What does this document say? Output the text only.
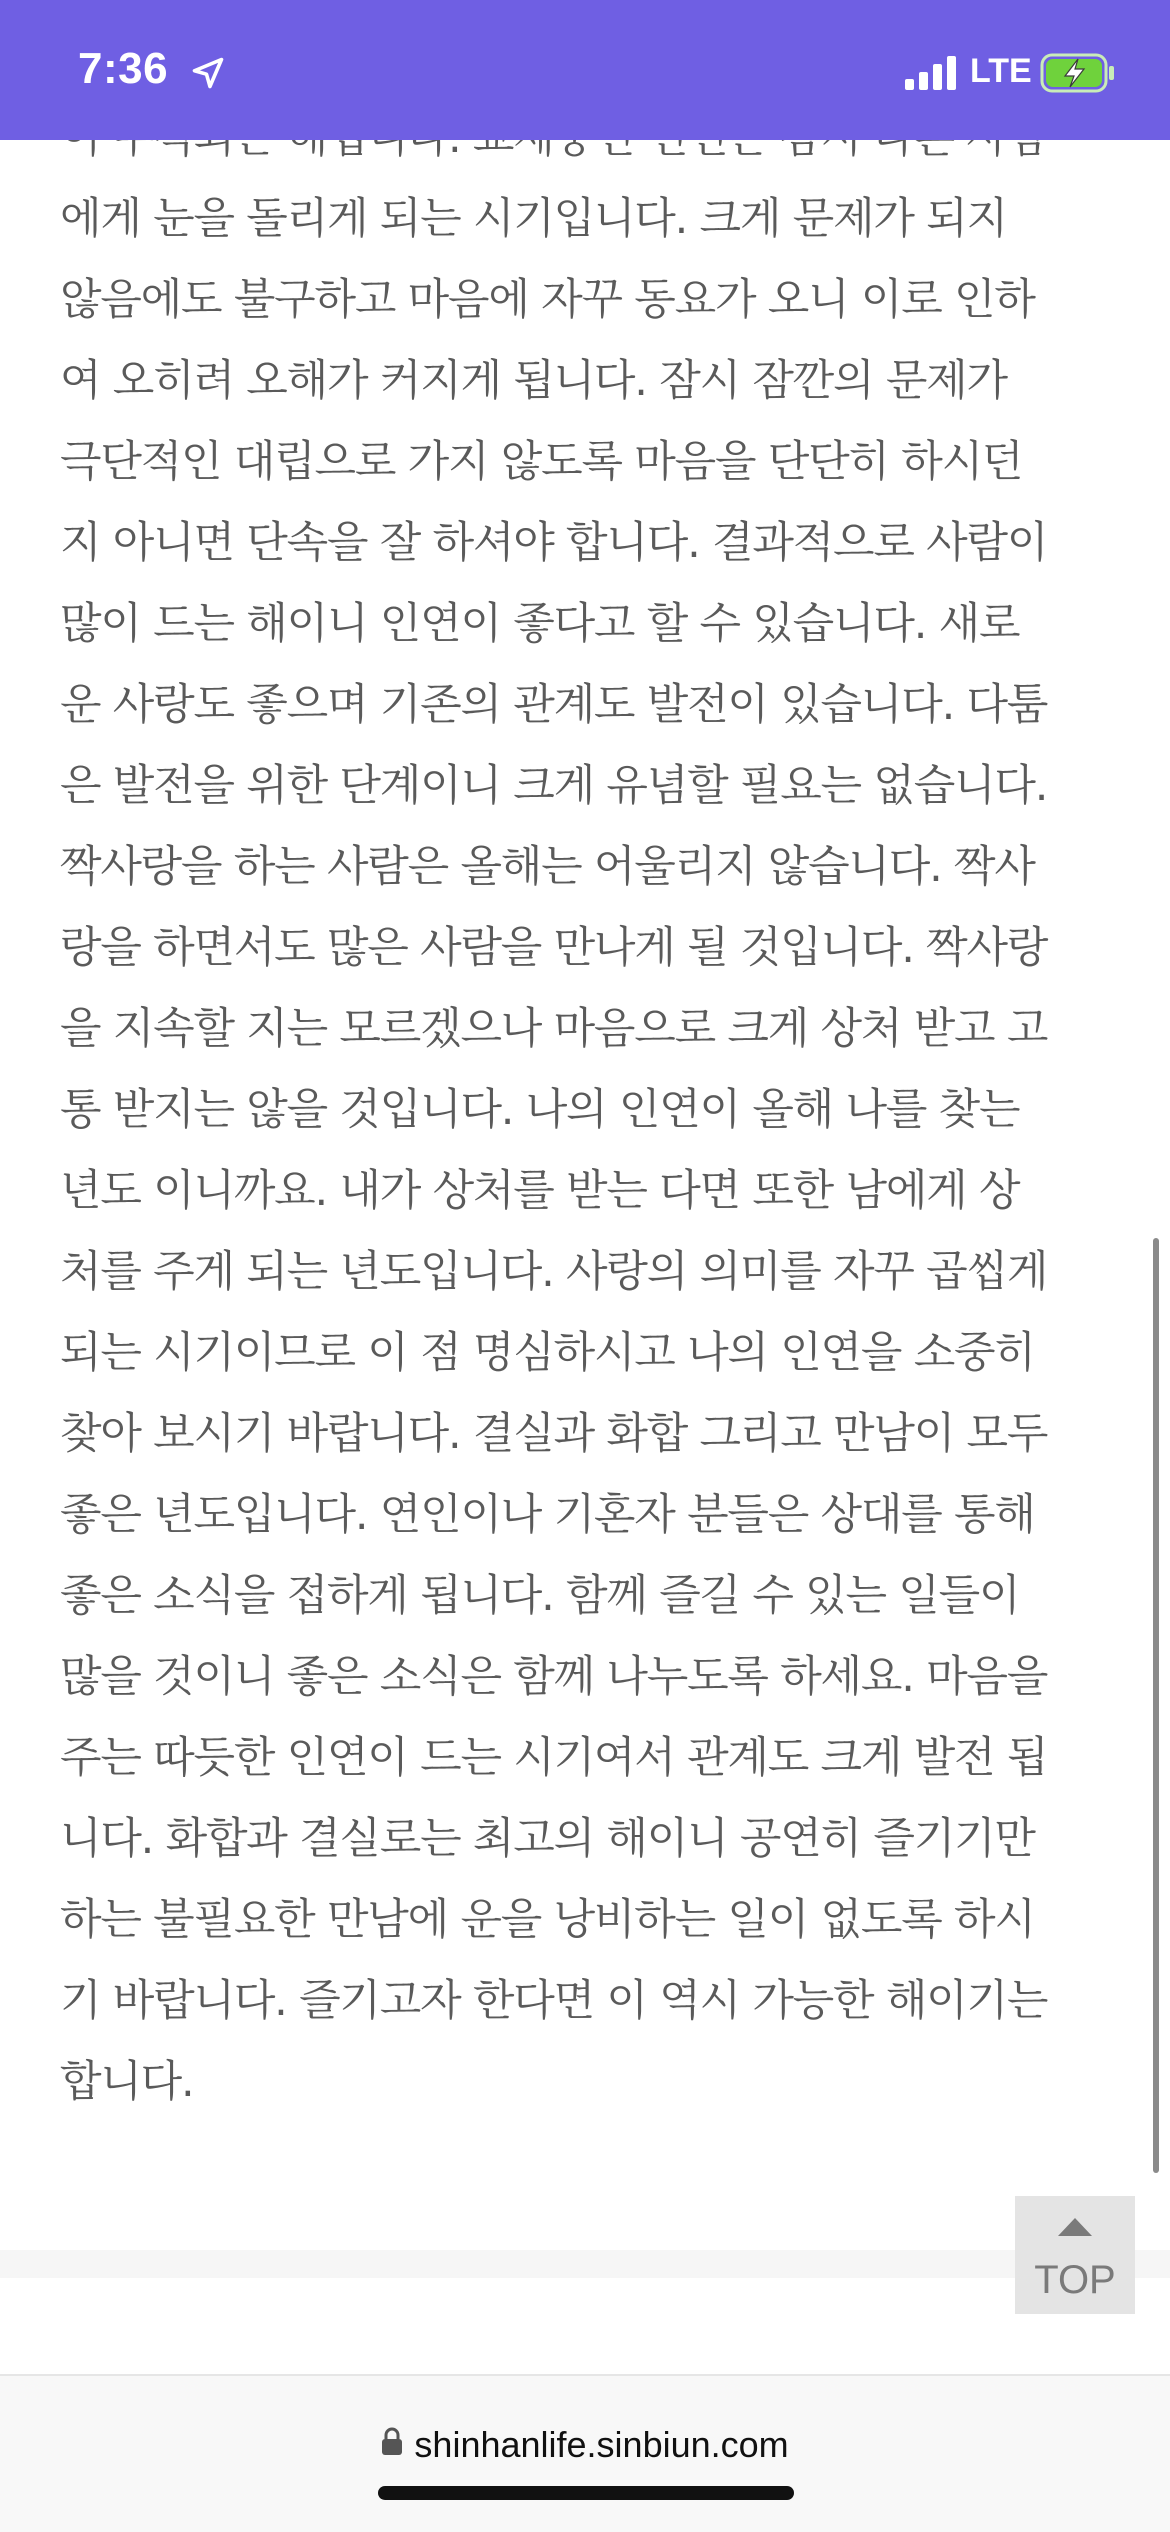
에게 눈을 돌리게 되는 시기입니다. 크게 문제가 되지
않음에도 불구하고 마음에 자꾸 동요가 오니 이로 인하
여 오히려 오해가 커지게 됩니다. 잠시 잠깐의 문제가
극단적인 대립으로 가지 않도록 마음을 단단히 하시던
지 아니면 단속을 잘 하셔야 합니다. 결과적으로 사람이
많이 드는 해이니 인연이 좋다고 할 수 있습니다. 새로
운 사랑도 좋으며 기존의 관계도 발전이 있습니다. 다툼
은 발전을 위한 단계이니 크게 유념할 필요는 없습니다.
짝사랑을 하는 사람은 올해는 어울리지 않습니다. 짝사
랑을 하면서도 많은 사람을 만나게 될 것입니다. 짝사랑
을 지속할 지는 모르겠으나 마음으로 크게 상처 받고 고
통 받지는 않을 것입니다. 나의 인연이 올해 나를 찾는
년도 이니까요. 내가 상처를 받는 다면 또한 남에게 상
처를 주게 되는 년도입니다. 사랑의 의미를 자꾸 곱씹게
되는 시기이므로 이 점 명심하시고 나의 인연을 소중히
찾아 보시기 바랍니다. 결실과 화합 그리고 만남이 모두
좋은 년도입니다. 연인이나 기혼자 분들은 상대를 통해
좋은 소식을 접하게 됩니다. 함께 즐길 수 있는 일들이
많을 것이니 좋은 소식은 함께 나누도록 하세요. 마음을
주는 따듯한 인연이 드는 시기여서 관계도 크게 발전 됩
니다. 화합과 결실로는 최고의 해이니 공연히 즐기기만
하는 불필요한 만남에 운을 낭비하는 일이 없도록 하시
기 바랍니다. 즐기고자 한다면 이 역시 가능한 해이기는
합니다.
7:36	LTE
TOP
shinhanlife.sinbiun.com
